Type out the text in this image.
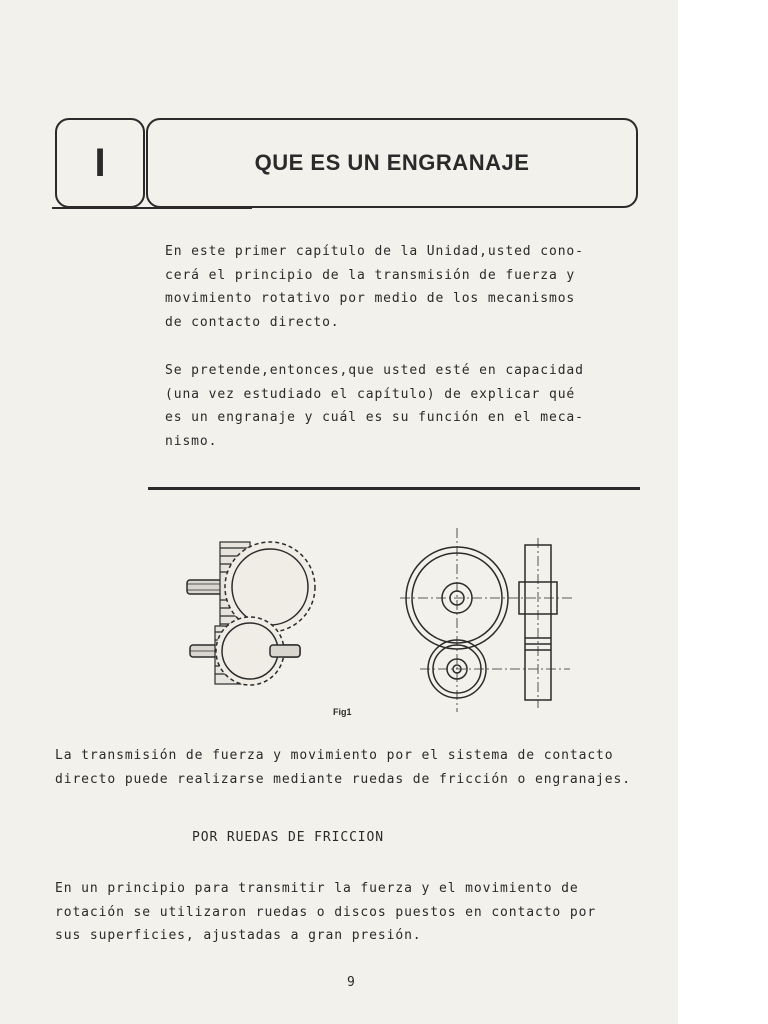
I	QUE ES UN ENGRANAJE
En este primer capítulo de la Unidad,usted cono-
cerá el principio de la transmisión de fuerza y
movimiento rotativo por medio de los mecanismos
de contacto directo.
Se pretende,entonces,que usted esté en capacidad
(una vez estudiado el capítulo) de explicar qué
es un engranaje y cuál es su función en el meca-
nismo.
Fig1
La transmisión de fuerza y movimiento por el sistema de contacto
directo puede realizarse mediante ruedas de fricción o engranajes.
POR RUEDAS DE FRICCION
En un principio para transmitir la fuerza y el movimiento de
rotación se utilizaron ruedas o discos puestos en contacto por
sus superficies, ajustadas a gran presión.
9
